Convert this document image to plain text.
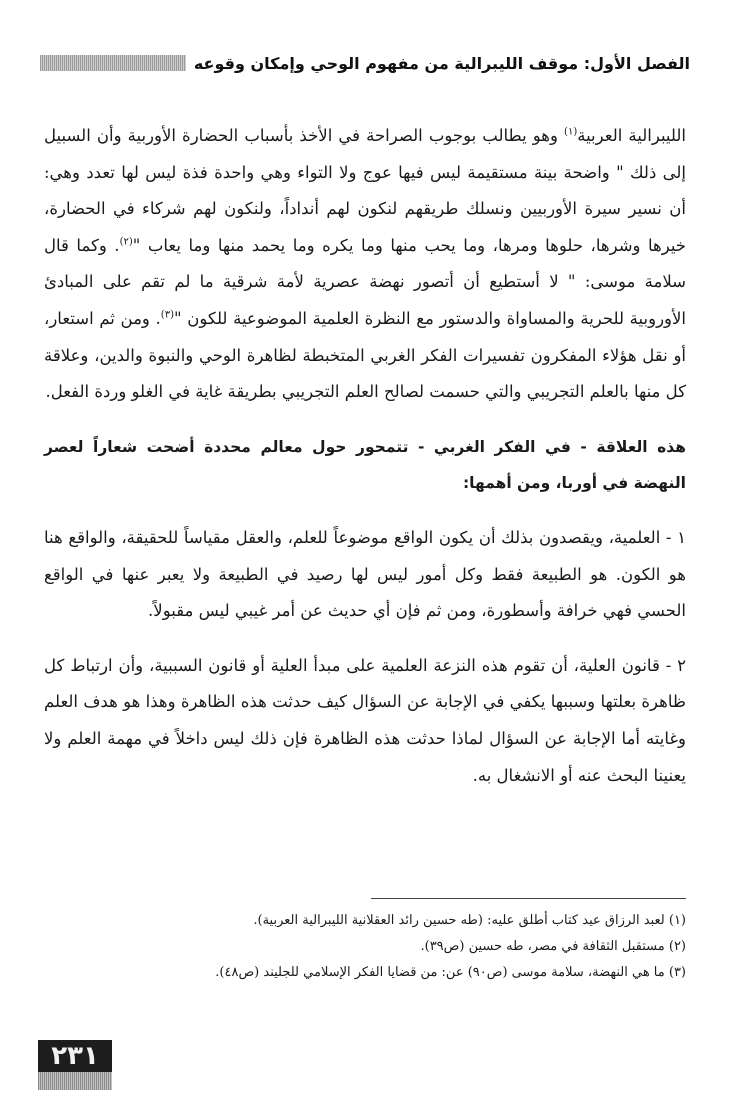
الفصل الأول: موقف الليبرالية من مفهوم الوحي وإمكان وقوعه

الليبرالية العربية$^{(١)}$ وهو يطالب بوجوب الصراحة في الأخذ بأسباب الحضارة الأوربية وأن السبيل إلى ذلك " واضحة بينة مستقيمة ليس فيها عوج ولا التواء وهي واحدة فذة ليس لها تعدد وهي: أن نسير سيرة الأوربيين ونسلك طريقهم لنكون لهم أنداداً، ولنكون لهم شركاء في الحضارة، خيرها وشرها، حلوها ومرها، وما يحب منها وما يكره وما يحمد منها وما يعاب "$^{(٢)}$. وكما قال سلامة موسى: " لا أستطيع أن أتصور نهضة عصرية لأمة شرقية ما لم تقم على المبادئ الأوروبية للحرية والمساواة والدستور مع النظرة العلمية الموضوعية للكون "$^{(٣)}$. ومن ثم استعار، أو نقل هؤلاء المفكرون تفسيرات الفكر الغربي المتخبطة لظاهرة الوحي والنبوة والدين، وعلاقة كل منها بالعلم التجريبي والتي حسمت لصالح العلم التجريبي بطريقة غاية في الغلو وردة الفعل.

هذه العلاقة - في الفكر الغربي - تتمحور حول معالم محددة أضحت شعاراً لعصر النهضة في أوربا، ومن أهمها:

١ - العلمية، ويقصدون بذلك أن يكون الواقع موضوعاً للعلم، والعقل مقياساً للحقيقة، والواقع هنا هو الكون. هو الطبيعة فقط وكل أمور ليس لها رصيد في الطبيعة ولا يعبر عنها في الواقع الحسي فهي خرافة وأسطورة، ومن ثم فإن أي حديث عن أمر غيبي ليس مقبولاً.

٢ - قانون العلية، أن تقوم هذه النزعة العلمية على مبدأ العلية أو قانون السببية، وأن ارتباط كل ظاهرة بعلتها وسببها يكفي في الإجابة عن السؤال كيف حدثت هذه الظاهرة وهذا هو هدف العلم وغايته أما الإجابة عن السؤال لماذا حدثت هذه الظاهرة فإن ذلك ليس داخلاً في مهمة العلم ولا يعنينا البحث عنه أو الانشغال به.

(١) لعبد الرزاق عيد كتاب أطلق عليه: (طه حسين رائد العقلانية الليبرالية العربية).

(٢) مستقبل الثقافة في مصر، طه حسين (ص٣٩).

(٣) ما هي النهضة، سلامة موسى (ص٩٠) عن: من قضايا الفكر الإسلامي للجليند (ص٤٨).

٢٣١
